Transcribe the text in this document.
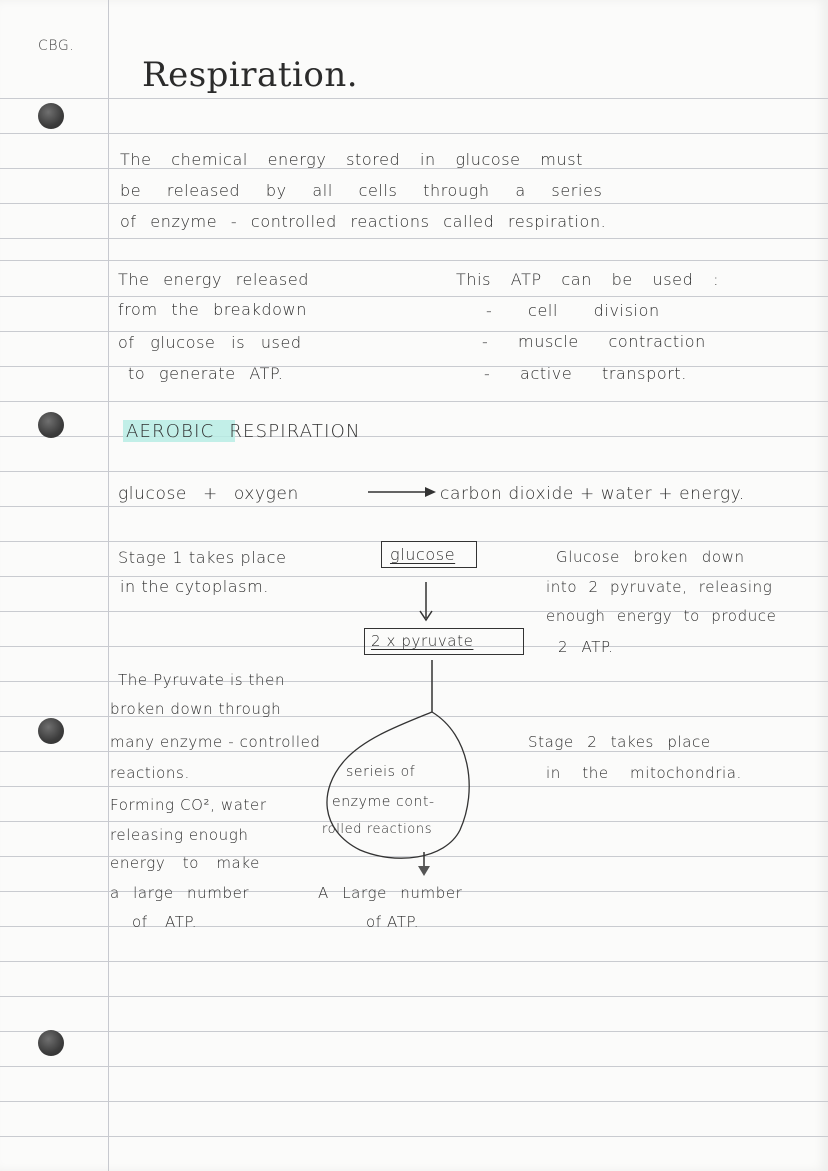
CBG.
Respiration.
The chemical energy stored in glucose must
be released by all cells through a series
of enzyme - controlled reactions called respiration.
The energy released
from the breakdown
of glucose is used
to generate ATP.
This ATP can be used :
- cell division
- muscle contraction
- active transport.
AEROBIC RESPIRATION
glucose + oxygen	carbon dioxide + water + energy.
Stage 1 takes place
in the cytoplasm.
glucose
2 x pyruvate
Glucose broken down
into 2 pyruvate, releasing
enough energy to produce
2 ATP.
The Pyruvate is then
broken down through
many enzyme - controlled
reactions.
Forming CO², water
releasing enough
energy to make
a large number
of ATP.
serieis of
enzyme cont-
rolled reactions
Stage 2 takes place
in the mitochondria.
A Large number
of ATP.
